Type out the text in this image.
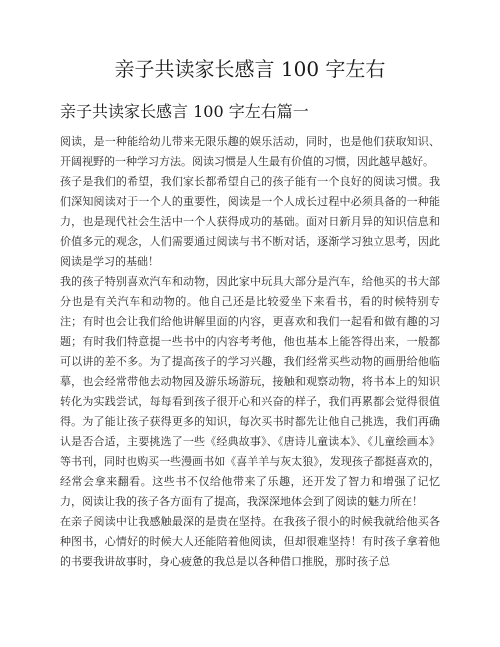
亲子共读家长感言 100 字左右
亲子共读家长感言 100 字左右篇一

阅读，是一种能给幼儿带来无限乐趣的娱乐活动，同时，也是他们获取知识、开阔视野的一种学习方法。阅读习惯是人生最有价值的习惯，因此越早越好。

孩子是我们的希望，我们家长都希望自己的孩子能有一个良好的阅读习惯。我们深知阅读对于一个人的重要性，阅读是一个人成长过程中必须具备的一种能力，也是现代社会生活中一个人获得成功的基础。面对日新月异的知识信息和价值多元的观念，人们需要通过阅读与书不断对话，逐渐学习独立思考，因此阅读是学习的基础！

我的孩子特别喜欢汽车和动物，因此家中玩具大部分是汽车，给他买的书大部分也是有关汽车和动物的。他自己还是比较爱坐下来看书，看的时候特别专注；有时也会让我们给他讲解里面的内容，更喜欢和我们一起看和做有趣的习题；有时我们特意提一些书中的内容考考他，他也基本上能答得出来，一般都可以讲的差不多。为了提高孩子的学习兴趣，我们经常买些动物的画册给他临摹，也会经常带他去动物园及游乐场游玩，接触和观察动物，将书本上的知识转化为实践尝试，每每看到孩子很开心和兴奋的样子，我们再累都会觉得很值得。为了能让孩子获得更多的知识，每次买书时都先让他自己挑选，我们再确认是否合适，主要挑选了一些《经典故事》、《唐诗儿童读本》、《儿童绘画本》等书刊，同时也购买一些漫画书如《喜羊羊与灰太狼》，发现孩子都挺喜欢的，经常会拿来翻看。这些书不仅给他带来了乐趣，还开发了智力和增强了记忆力，阅读让我的孩子各方面有了提高，我深深地体会到了阅读的魅力所在！

在亲子阅读中让我感触最深的是贵在坚持。在我孩子很小的时候我就给他买各种图书，心情好的时候大人还能陪着他阅读，但却很难坚持！有时孩子拿着他的书要我讲故事时，身心疲惫的我总是以各种借口推脱，那时孩子总
